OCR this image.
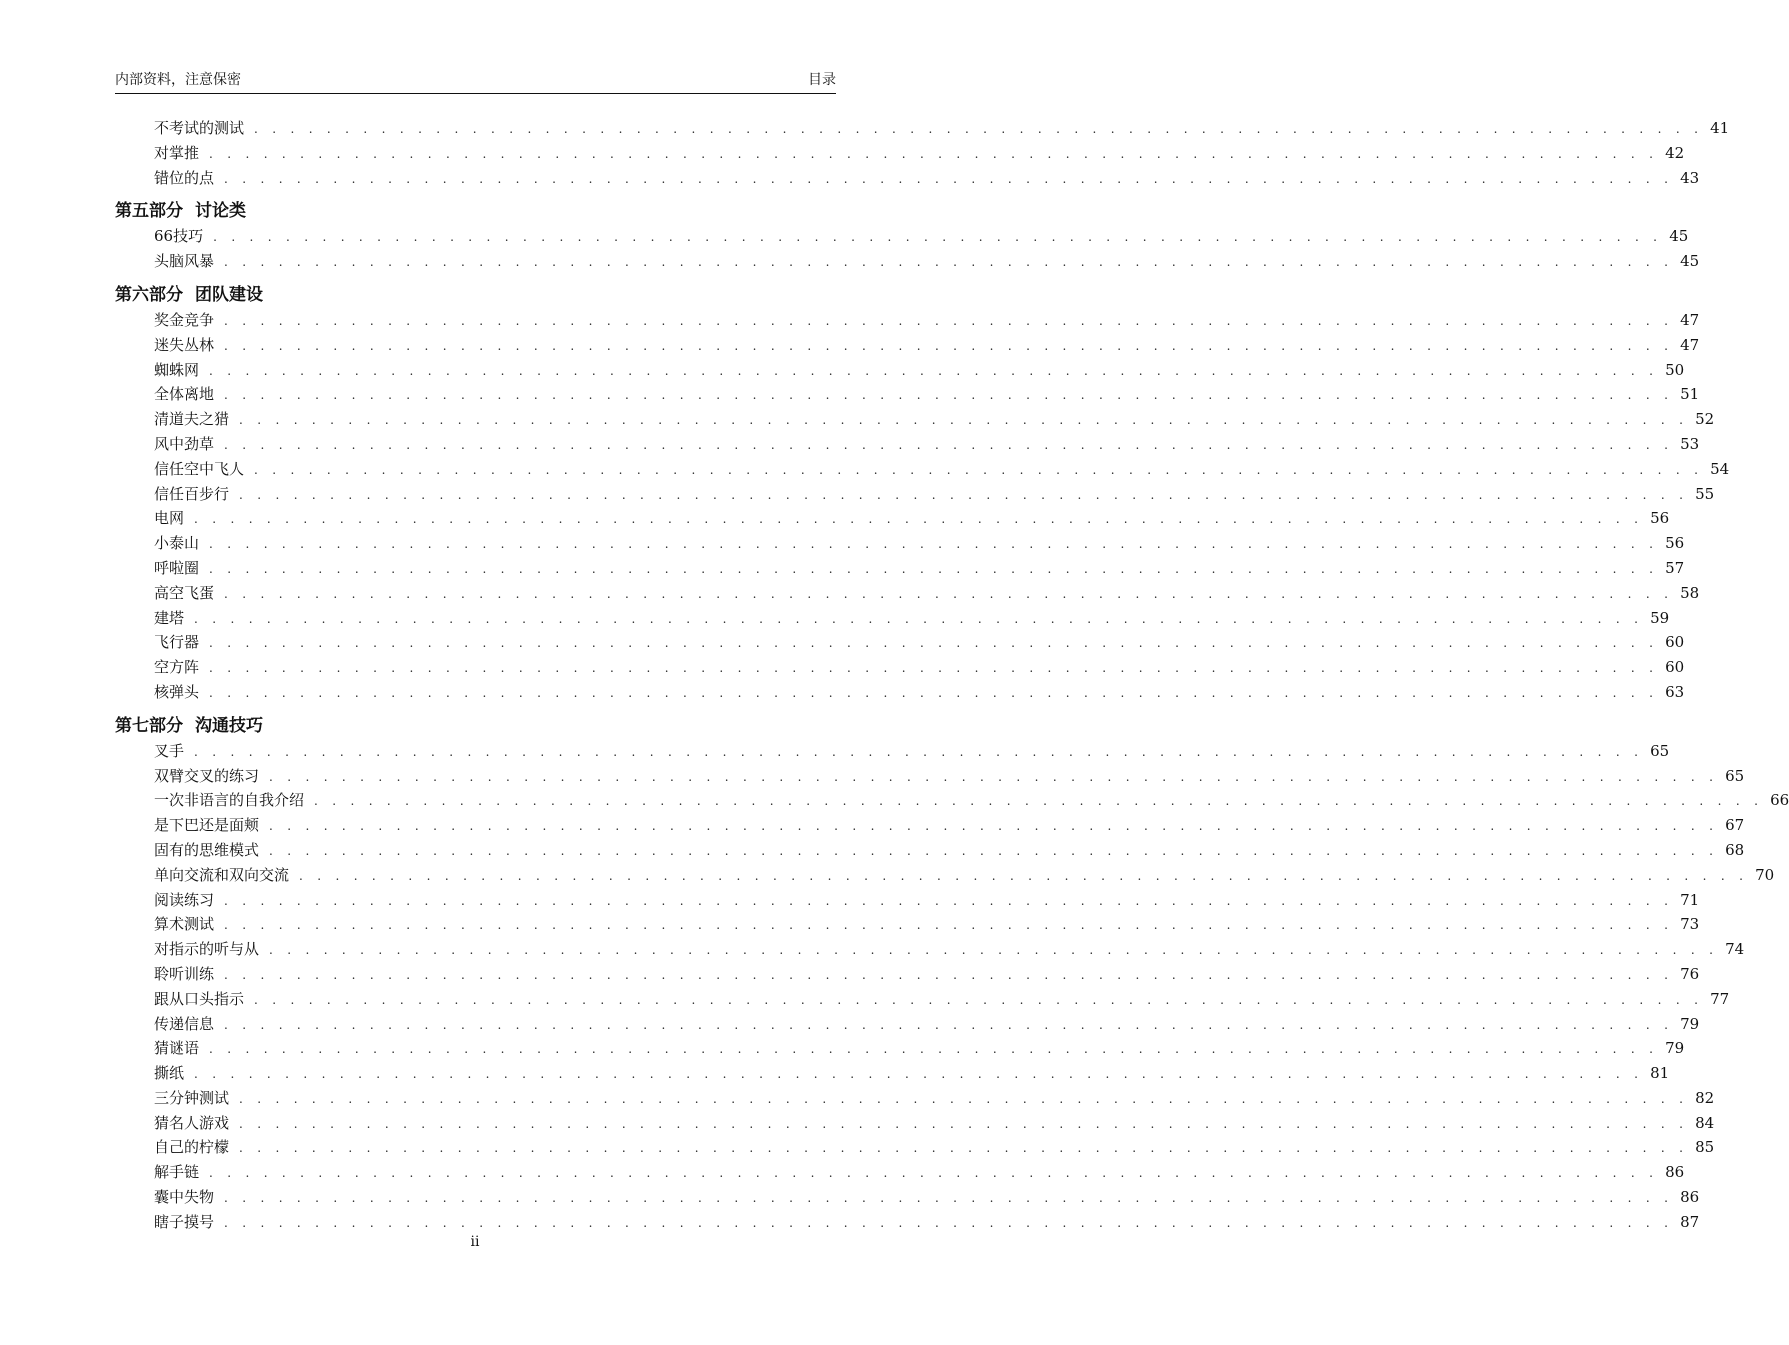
内部资料，注意保密	目录
不考试的测试 . . . . . . . . . . . . . . . . . . . . . . . . . . . . . . . . . . . . . . . . . . . . . . . . . . . . . . . . . . . . . . . . . . . . . . . . . . . . . . . . 41
对掌推 . . . . . . . . . . . . . . . . . . . . . . . . . . . . . . . . . . . . . . . . . . . . . . . . . . . . . . . . . . . . . . . . . . . . . . . . . . . . . . . . 42
错位的点 . . . . . . . . . . . . . . . . . . . . . . . . . . . . . . . . . . . . . . . . . . . . . . . . . . . . . . . . . . . . . . . . . . . . . . . . . . . . . . . . 43
第五部分 讨论类
66技巧 . . . . . . . . . . . . . . . . . . . . . . . . . . . . . . . . . . . . . . . . . . . . . . . . . . . . . . . . . . . . . . . . . . . . . . . . . . . . . . . . 45
头脑风暴 . . . . . . . . . . . . . . . . . . . . . . . . . . . . . . . . . . . . . . . . . . . . . . . . . . . . . . . . . . . . . . . . . . . . . . . . . . . . . . . . 45
第六部分 团队建设
奖金竞争 . . . . . . . . . . . . . . . . . . . . . . . . . . . . . . . . . . . . . . . . . . . . . . . . . . . . . . . . . . . . . . . . . . . . . . . . . . . . . . . . 47
迷失丛林 . . . . . . . . . . . . . . . . . . . . . . . . . . . . . . . . . . . . . . . . . . . . . . . . . . . . . . . . . . . . . . . . . . . . . . . . . . . . . . . . 47
蜘蛛网 . . . . . . . . . . . . . . . . . . . . . . . . . . . . . . . . . . . . . . . . . . . . . . . . . . . . . . . . . . . . . . . . . . . . . . . . . . . . . . . . 50
全体离地 . . . . . . . . . . . . . . . . . . . . . . . . . . . . . . . . . . . . . . . . . . . . . . . . . . . . . . . . . . . . . . . . . . . . . . . . . . . . . . . . 51
清道夫之猎 . . . . . . . . . . . . . . . . . . . . . . . . . . . . . . . . . . . . . . . . . . . . . . . . . . . . . . . . . . . . . . . . . . . . . . . . . . . . . . . . 52
风中劲草 . . . . . . . . . . . . . . . . . . . . . . . . . . . . . . . . . . . . . . . . . . . . . . . . . . . . . . . . . . . . . . . . . . . . . . . . . . . . . . . . 53
信任空中飞人 . . . . . . . . . . . . . . . . . . . . . . . . . . . . . . . . . . . . . . . . . . . . . . . . . . . . . . . . . . . . . . . . . . . . . . . . . . . . . . . . 54
信任百步行 . . . . . . . . . . . . . . . . . . . . . . . . . . . . . . . . . . . . . . . . . . . . . . . . . . . . . . . . . . . . . . . . . . . . . . . . . . . . . . . . 55
电网 . . . . . . . . . . . . . . . . . . . . . . . . . . . . . . . . . . . . . . . . . . . . . . . . . . . . . . . . . . . . . . . . . . . . . . . . . . . . . . . . 56
小泰山 . . . . . . . . . . . . . . . . . . . . . . . . . . . . . . . . . . . . . . . . . . . . . . . . . . . . . . . . . . . . . . . . . . . . . . . . . . . . . . . . 56
呼啦圈 . . . . . . . . . . . . . . . . . . . . . . . . . . . . . . . . . . . . . . . . . . . . . . . . . . . . . . . . . . . . . . . . . . . . . . . . . . . . . . . . 57
高空飞蛋 . . . . . . . . . . . . . . . . . . . . . . . . . . . . . . . . . . . . . . . . . . . . . . . . . . . . . . . . . . . . . . . . . . . . . . . . . . . . . . . . 58
建塔 . . . . . . . . . . . . . . . . . . . . . . . . . . . . . . . . . . . . . . . . . . . . . . . . . . . . . . . . . . . . . . . . . . . . . . . . . . . . . . . . 59
飞行器 . . . . . . . . . . . . . . . . . . . . . . . . . . . . . . . . . . . . . . . . . . . . . . . . . . . . . . . . . . . . . . . . . . . . . . . . . . . . . . . . 60
空方阵 . . . . . . . . . . . . . . . . . . . . . . . . . . . . . . . . . . . . . . . . . . . . . . . . . . . . . . . . . . . . . . . . . . . . . . . . . . . . . . . . 60
核弹头 . . . . . . . . . . . . . . . . . . . . . . . . . . . . . . . . . . . . . . . . . . . . . . . . . . . . . . . . . . . . . . . . . . . . . . . . . . . . . . . . 63
第七部分 沟通技巧
叉手 . . . . . . . . . . . . . . . . . . . . . . . . . . . . . . . . . . . . . . . . . . . . . . . . . . . . . . . . . . . . . . . . . . . . . . . . . . . . . . . . 65
双臂交叉的练习 . . . . . . . . . . . . . . . . . . . . . . . . . . . . . . . . . . . . . . . . . . . . . . . . . . . . . . . . . . . . . . . . . . . . . . . . . . . . . . . . 65
一次非语言的自我介绍 . . . . . . . . . . . . . . . . . . . . . . . . . . . . . . . . . . . . . . . . . . . . . . . . . . . . . . . . . . . . . . . . . . . . . . . . . . . . . . . . 66
是下巴还是面颊 . . . . . . . . . . . . . . . . . . . . . . . . . . . . . . . . . . . . . . . . . . . . . . . . . . . . . . . . . . . . . . . . . . . . . . . . . . . . . . . . 67
固有的思维模式 . . . . . . . . . . . . . . . . . . . . . . . . . . . . . . . . . . . . . . . . . . . . . . . . . . . . . . . . . . . . . . . . . . . . . . . . . . . . . . . . 68
单向交流和双向交流 . . . . . . . . . . . . . . . . . . . . . . . . . . . . . . . . . . . . . . . . . . . . . . . . . . . . . . . . . . . . . . . . . . . . . . . . . . . . . . . . 70
阅读练习 . . . . . . . . . . . . . . . . . . . . . . . . . . . . . . . . . . . . . . . . . . . . . . . . . . . . . . . . . . . . . . . . . . . . . . . . . . . . . . . . 71
算术测试 . . . . . . . . . . . . . . . . . . . . . . . . . . . . . . . . . . . . . . . . . . . . . . . . . . . . . . . . . . . . . . . . . . . . . . . . . . . . . . . . 73
对指示的听与从 . . . . . . . . . . . . . . . . . . . . . . . . . . . . . . . . . . . . . . . . . . . . . . . . . . . . . . . . . . . . . . . . . . . . . . . . . . . . . . . . 74
聆听训练 . . . . . . . . . . . . . . . . . . . . . . . . . . . . . . . . . . . . . . . . . . . . . . . . . . . . . . . . . . . . . . . . . . . . . . . . . . . . . . . . 76
跟从口头指示 . . . . . . . . . . . . . . . . . . . . . . . . . . . . . . . . . . . . . . . . . . . . . . . . . . . . . . . . . . . . . . . . . . . . . . . . . . . . . . . . 77
传递信息 . . . . . . . . . . . . . . . . . . . . . . . . . . . . . . . . . . . . . . . . . . . . . . . . . . . . . . . . . . . . . . . . . . . . . . . . . . . . . . . . 79
猜谜语 . . . . . . . . . . . . . . . . . . . . . . . . . . . . . . . . . . . . . . . . . . . . . . . . . . . . . . . . . . . . . . . . . . . . . . . . . . . . . . . . 79
撕纸 . . . . . . . . . . . . . . . . . . . . . . . . . . . . . . . . . . . . . . . . . . . . . . . . . . . . . . . . . . . . . . . . . . . . . . . . . . . . . . . . 81
三分钟测试 . . . . . . . . . . . . . . . . . . . . . . . . . . . . . . . . . . . . . . . . . . . . . . . . . . . . . . . . . . . . . . . . . . . . . . . . . . . . . . . . 82
猜名人游戏 . . . . . . . . . . . . . . . . . . . . . . . . . . . . . . . . . . . . . . . . . . . . . . . . . . . . . . . . . . . . . . . . . . . . . . . . . . . . . . . . 84
自己的柠檬 . . . . . . . . . . . . . . . . . . . . . . . . . . . . . . . . . . . . . . . . . . . . . . . . . . . . . . . . . . . . . . . . . . . . . . . . . . . . . . . . 85
解手链 . . . . . . . . . . . . . . . . . . . . . . . . . . . . . . . . . . . . . . . . . . . . . . . . . . . . . . . . . . . . . . . . . . . . . . . . . . . . . . . . 86
囊中失物 . . . . . . . . . . . . . . . . . . . . . . . . . . . . . . . . . . . . . . . . . . . . . . . . . . . . . . . . . . . . . . . . . . . . . . . . . . . . . . . . 86
瞎子摸号 . . . . . . . . . . . . . . . . . . . . . . . . . . . . . . . . . . . . . . . . . . . . . . . . . . . . . . . . . . . . . . . . . . . . . . . . . . . . . . . . 87
ii
